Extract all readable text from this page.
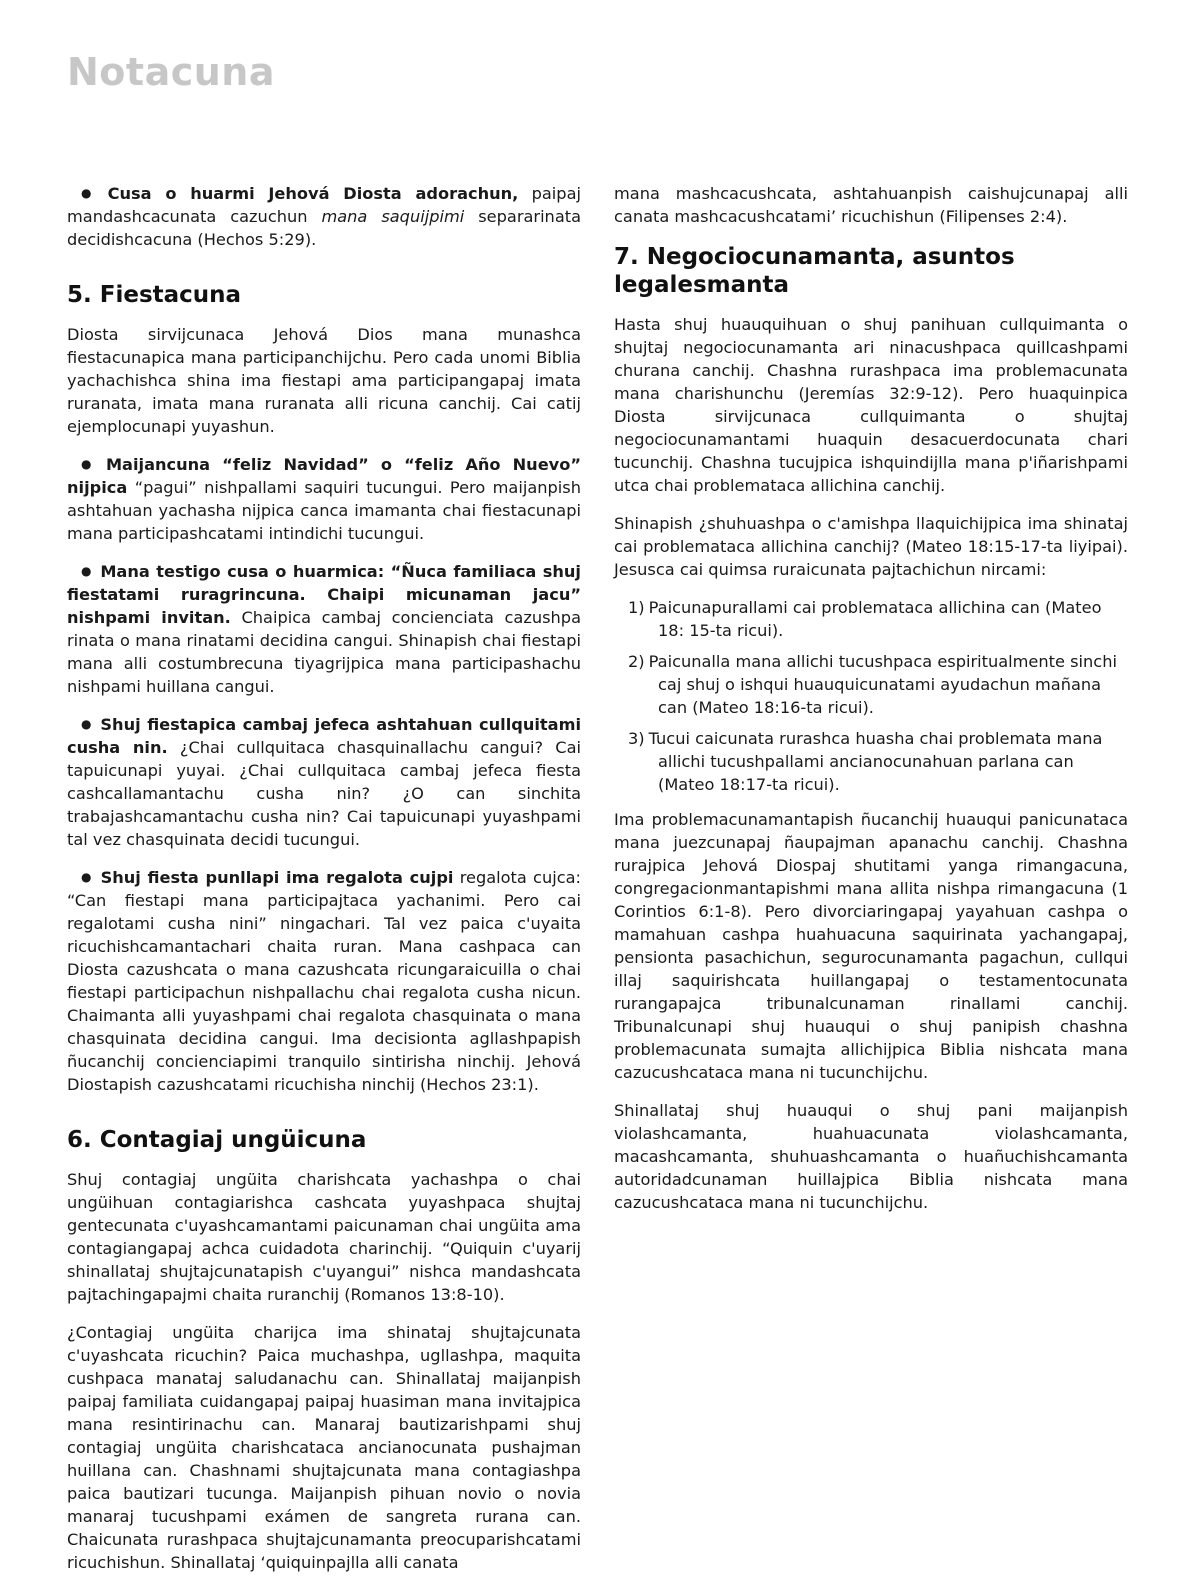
Notacuna

● Cusa o huarmi Jehová Diosta adorachun, paipaj mandashcacunata cazuchun mana saquijpimi separarinata decidishcacuna (Hechos 5:29).

5. Fiestacuna

Diosta sirvijcunaca Jehová Dios mana munashca fiestacunapica mana participanchijchu. Pero cada unomi Biblia yachachishca shina ima fiestapi ama participangapaj imata ruranata, imata mana ruranata alli ricuna canchij. Cai catij ejemplocunapi yuyashun.

● Maijancuna “feliz Navidad” o “feliz Año Nuevo” nijpica “pagui” nishpallami saquiri tucungui. Pero maijanpish ashtahuan yachasha nijpica canca imamanta chai fiestacunapi mana participashcatami intindichi tucungui.

● Mana testigo cusa o huarmica: “Ñuca familiaca shuj fiestatami ruragrincuna. Chaipi micunaman jacu” nishpami invitan. Chaipica cambaj concienciata cazushpa rinata o mana rinatami decidina cangui. Shinapish chai fiestapi mana alli costumbrecuna tiyagrijpica mana participashachu nishpami huillana cangui.

● Shuj fiestapica cambaj jefeca ashtahuan cullquitami cusha nin. ¿Chai cullquitaca chasquinallachu cangui? Cai tapuicunapi yuyai. ¿Chai cullquitaca cambaj jefeca fiesta cashcallamantachu cusha nin? ¿O can sinchita trabajashcamantachu cusha nin? Cai tapuicunapi yuyashpami tal vez chasquinata decidi tucungui.

● Shuj fiesta punllapi ima regalota cujpi regalota cujca: “Can fiestapi mana participajtaca yachanimi. Pero cai regalotami cusha nini” ningachari. Tal vez paica c'uyaita ricuchishcamantachari chaita ruran. Mana cashpaca can Diosta cazushcata o mana cazushcata ricungaraicuilla o chai fiestapi participachun nishpallachu chai regalota cusha nicun. Chaimanta alli yuyashpami chai regalota chasquinata o mana chasquinata decidina cangui. Ima decisionta agllashpapish ñucanchij concienciapimi tranquilo sintirisha ninchij. Jehová Diostapish cazushcatami ricuchisha ninchij (Hechos 23:1).

6. Contagiaj ungüicuna

Shuj contagiaj ungüita charishcata yachashpa o chai ungüihuan contagiarishca cashcata yuyashpaca shujtaj gentecunata c'uyashcamantami paicunaman chai ungüita ama contagiangapaj achca cuidadota charinchij. “Quiquin c'uyarij shinallataj shujtajcunatapish c'uyangui” nishca mandashcata pajtachingapajmi chaita ruranchij (Romanos 13:8-10).

¿Contagiaj ungüita charijca ima shinataj shujtajcunata c'uyashcata ricuchin? Paica muchashpa, ugllashpa, maquita cushpaca manataj saludanachu can. Shinallataj maijanpish paipaj familiata cuidangapaj paipaj huasiman mana invitajpica mana resintirinachu can. Manaraj bautizarishpami shuj contagiaj ungüita charishcataca ancianocunata pushajman huillana can. Chashnami shujtajcunata mana contagiashpa paica bautizari tucunga. Maijanpish pihuan novio o novia manaraj tucushpami exámen de sangreta rurana can. Chaicunata rurashpaca shujtajcunamanta preocuparishcatami ricuchishun. Shinallataj ‘quiquinpajlla alli canata

mana mashcacushcata, ashtahuanpish caishujcunapaj alli canata mashcacushcatami’ ricuchishun (Filipenses 2:4).

7. Negociocunamanta, asuntos legalesmanta

Hasta shuj huauquihuan o shuj panihuan cullquimanta o shujtaj negociocunamanta ari ninacushpaca quillcashpami churana canchij. Chashna rurashpaca ima problemacunata mana charishunchu (Jeremías 32:9-12). Pero huaquinpica Diosta sirvijcunaca cullquimanta o shujtaj negociocunamantami huaquin desacuerdocunata chari tucunchij. Chashna tucujpica ishquindijlla mana p'iñarishpami utca chai problemataca allichina canchij.

Shinapish ¿shuhuashpa o c'amishpa llaquichijpica ima shinataj cai problemataca allichina canchij? (Mateo 18:15-17-ta liyipai). Jesusca cai quimsa ruraicunata pajtachichun nircami:

1) Paicunapurallami cai problemataca allichina can (Mateo 18: 15-ta ricui).
2) Paicunalla mana allichi tucushpaca espiritualmente sinchi caj shuj o ishqui huauquicunatami ayudachun mañana can (Mateo 18:16-ta ricui).
3) Tucui caicunata rurashca huasha chai problemata mana allichi tucushpallami ancianocunahuan parlana can (Mateo 18:17-ta ricui).

Ima problemacunamantapish ñucanchij huauqui panicunataca mana juezcunapaj ñaupajman apanachu canchij. Chashna rurajpica Jehová Diospaj shutitami yanga rimangacuna, congregacionmantapishmi mana allita nishpa rimangacuna (1 Corintios 6:1-8). Pero divorciaringapaj yayahuan cashpa o mamahuan cashpa huahuacuna saquirinata yachangapaj, pensionta pasachichun, segurocunamanta pagachun, cullqui illaj saquirishcata huillangapaj o testamentocunata rurangapajca tribunalcunaman rinallami canchij. Tribunalcunapi shuj huauqui o shuj panipish chashna problemacunata sumajta allichijpica Biblia nishcata mana cazucushcataca mana ni tucunchijchu.

Shinallataj shuj huauqui o shuj pani maijanpish violashcamanta, huahuacunata violashcamanta, macashcamanta, shuhuashcamanta o huañuchishcamanta autoridadcunaman huillajpica Biblia nishcata mana cazucushcataca mana ni tucunchijchu.
